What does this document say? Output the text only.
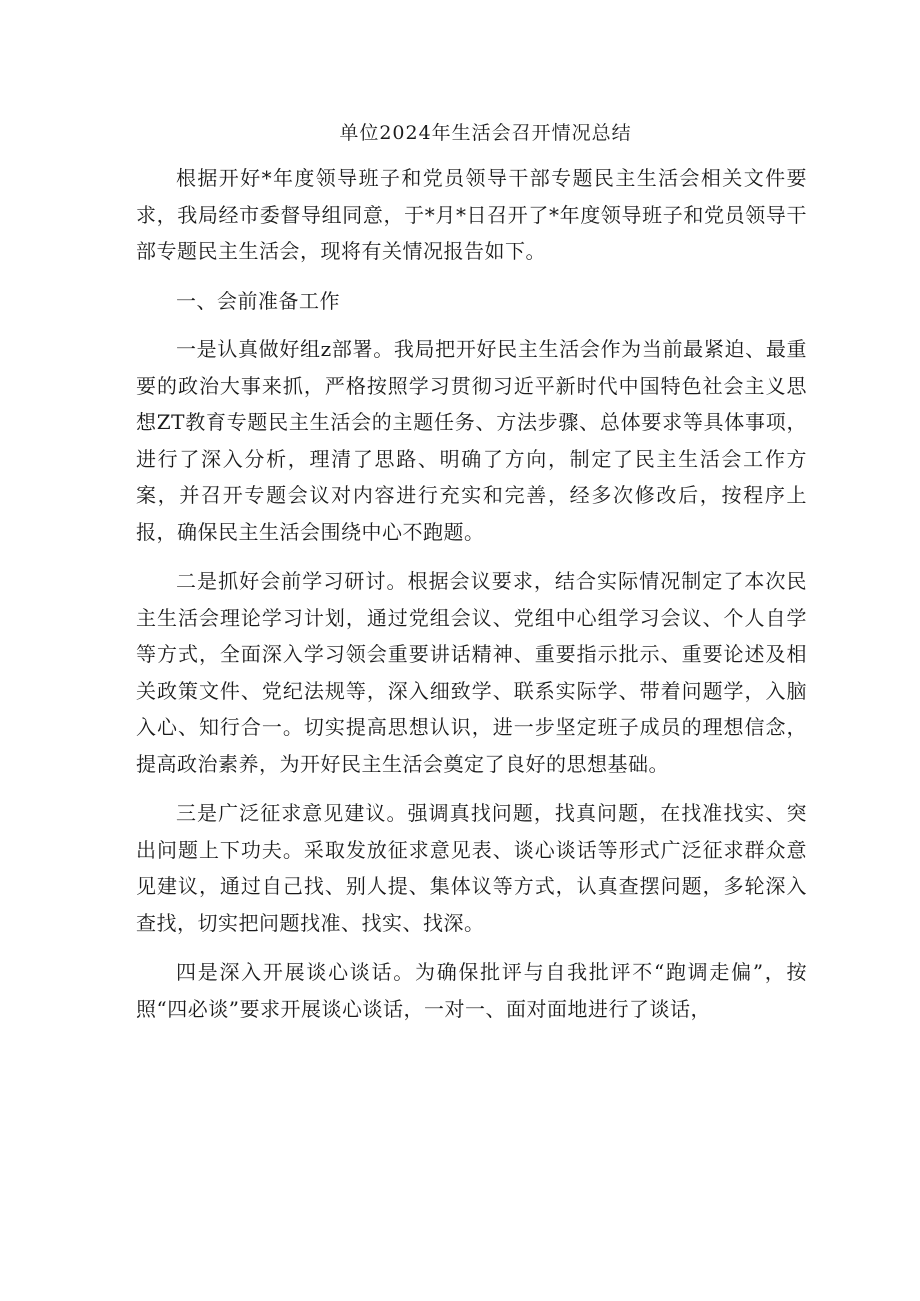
单位2024年生活会召开情况总结

根据开好*年度领导班子和党员领导干部专题民主生活会相关文件要求，我局经市委督导组同意，于*月*日召开了*年度领导班子和党员领导干部专题民主生活会，现将有关情况报告如下。

一、会前准备工作

一是认真做好组z部署。我局把开好民主生活会作为当前最紧迫、最重要的政治大事来抓，严格按照学习贯彻习近平新时代中国特色社会主义思想ZT教育专题民主生活会的主题任务、方法步骤、总体要求等具体事项，进行了深入分析，理清了思路、明确了方向，制定了民主生活会工作方案，并召开专题会议对内容进行充实和完善，经多次修改后，按程序上报，确保民主生活会围绕中心不跑题。

二是抓好会前学习研讨。根据会议要求，结合实际情况制定了本次民主生活会理论学习计划，通过党组会议、党组中心组学习会议、个人自学等方式，全面深入学习领会重要讲话精神、重要指示批示、重要论述及相关政策文件、党纪法规等，深入细致学、联系实际学、带着问题学，入脑入心、知行合一。切实提高思想认识，进一步坚定班子成员的理想信念，提高政治素养，为开好民主生活会奠定了良好的思想基础。

三是广泛征求意见建议。强调真找问题，找真问题，在找准找实、突出问题上下功夫。采取发放征求意见表、谈心谈话等形式广泛征求群众意见建议，通过自己找、别人提、集体议等方式，认真查摆问题，多轮深入查找，切实把问题找准、找实、找深。

四是深入开展谈心谈话。为确保批评与自我批评不“跑调走偏”，按照“四必谈”要求开展谈心谈话，一对一、面对面地进行了谈话，
